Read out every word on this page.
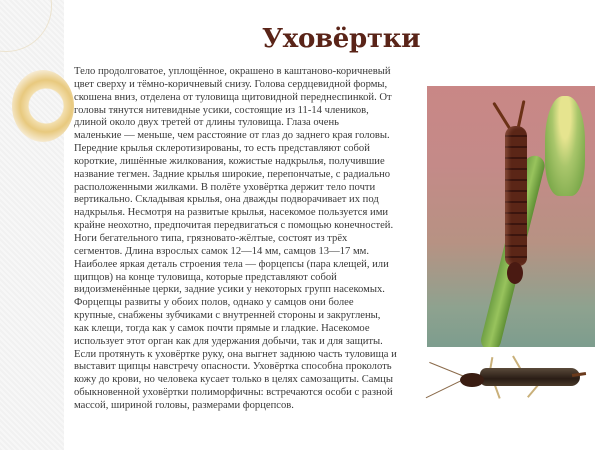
Уховёртки
Тело продолговатое, уплощённое, окрашено в каштаново-коричневый
цвет сверху и тёмно-коричневый снизу. Голова сердцевидной формы,
скошена вниз, отделена от туловища щитовидной переднеспинкой. От
головы тянутся нитевидные усики, состоящие из 11-14 члеников,
длиной около двух третей от длины туловища. Глаза очень
маленькие — меньше, чем расстояние от глаз до заднего края головы.
Передние крылья склеротизированы, то есть представляют собой
короткие, лишённые жилкования, кожистые надкрылья, получившие
название тегмен. Задние крылья широкие, перепончатые, с радиально
расположенными жилками. В полёте уховёртка держит тело почти
вертикально. Складывая крылья, она дважды подворачивает их под
надкрылья. Несмотря на развитые крылья, насекомое пользуется ими
крайне неохотно, предпочитая передвигаться с помощью конечностей.
Ноги бегательного типа, грязновато-жёлтые, состоят из трёх
сегментов. Длина взрослых самок 12—14 мм, самцов 13—17 мм.
Наиболее яркая деталь строения тела — форцепсы (пара клещей, или
щипцов) на конце туловища, которые представляют собой
видоизменённые церки, задние усики у некоторых групп насекомых.
Форцепцы развиты у обоих полов, однако у самцов они более
крупные, снабжены зубчиками с внутренней стороны и закруглены,
как клещи, тогда как у самок почти прямые и гладкие. Насекомое
использует этот орган как для удержания добычи, так и для защиты.
Если протянуть к уховёртке руку, она выгнет заднюю часть туловища и
выставит щипцы навстречу опасности. Уховёртка способна проколоть
кожу до крови, но человека кусает только в целях самозащиты. Самцы
обыкновенной уховёртки полиморфичны: встречаются особи с разной
массой, шириной головы, размерами форцепсов.
